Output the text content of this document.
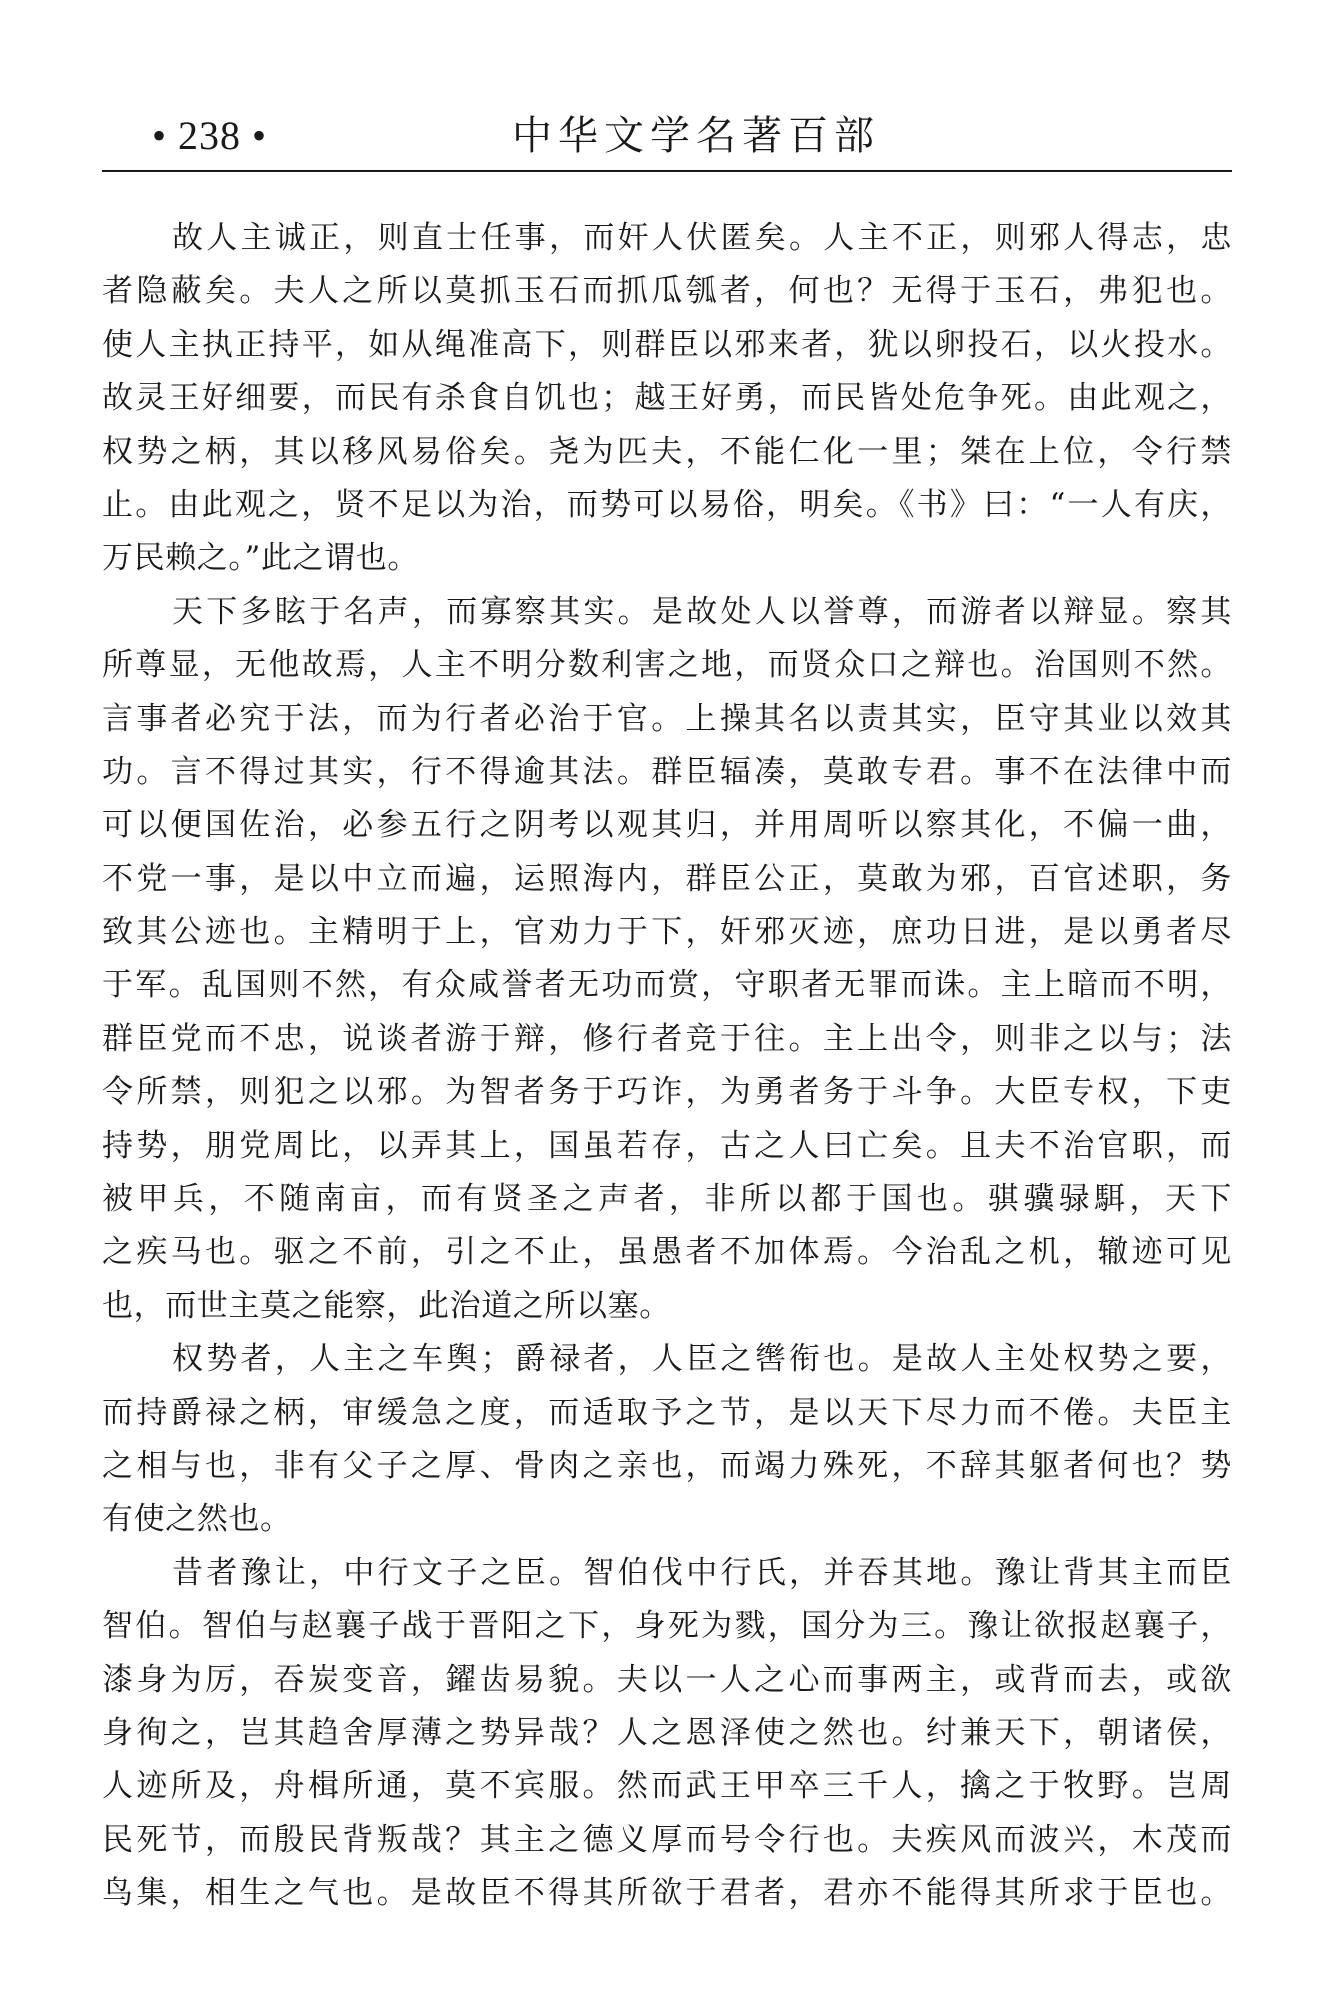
• 238 •	中华文学名著百部
故人主诚正，则直士任事，而奸人伏匿矣。人主不正，则邪人得志，忠
者隐蔽矣。夫人之所以莫抓玉石而抓瓜瓠者，何也？无得于玉石，弗犯也。
使人主执正持平，如从绳准高下，则群臣以邪来者，犹以卵投石，以火投水。
故灵王好细要，而民有杀食自饥也；越王好勇，而民皆处危争死。由此观之，
权势之柄，其以移风易俗矣。尧为匹夫，不能仁化一里；桀在上位，令行禁
止。由此观之，贤不足以为治，而势可以易俗，明矣。《书》曰：“一人有庆，
万民赖之。”此之谓也。
天下多眩于名声，而寡察其实。是故处人以誉尊，而游者以辩显。察其
所尊显，无他故焉，人主不明分数利害之地，而贤众口之辩也。治国则不然。
言事者必究于法，而为行者必治于官。上操其名以责其实，臣守其业以效其
功。言不得过其实，行不得逾其法。群臣辐凑，莫敢专君。事不在法律中而
可以便国佐治，必参五行之阴考以观其归，并用周听以察其化，不偏一曲，
不党一事，是以中立而遍，运照海内，群臣公正，莫敢为邪，百官述职，务
致其公迹也。主精明于上，官劝力于下，奸邪灭迹，庶功日进，是以勇者尽
于军。乱国则不然，有众咸誉者无功而赏，守职者无罪而诛。主上暗而不明，
群臣党而不忠，说谈者游于辩，修行者竞于往。主上出令，则非之以与；法
令所禁，则犯之以邪。为智者务于巧诈，为勇者务于斗争。大臣专权，下吏
持势，朋党周比，以弄其上，国虽若存，古之人曰亡矣。且夫不治官职，而
被甲兵，不随南亩，而有贤圣之声者，非所以都于国也。骐骥𫘧駬，天下
之疾马也。驱之不前，引之不止，虽愚者不加体焉。今治乱之机，辙迹可见
也，而世主莫之能察，此治道之所以塞。
权势者，人主之车舆；爵禄者，人臣之辔衔也。是故人主处权势之要，
而持爵禄之柄，审缓急之度，而适取予之节，是以天下尽力而不倦。夫臣主
之相与也，非有父子之厚、骨肉之亲也，而竭力殊死，不辞其躯者何也？势
有使之然也。
昔者豫让，中行文子之臣。智伯伐中行氏，并吞其地。豫让背其主而臣
智伯。智伯与赵襄子战于晋阳之下，身死为戮，国分为三。豫让欲报赵襄子，
漆身为厉，吞炭变音，鑃齿易貌。夫以一人之心而事两主，或背而去，或欲
身徇之，岂其趋舍厚薄之势异哉？人之恩泽使之然也。纣兼天下，朝诸侯，
人迹所及，舟楫所通，莫不宾服。然而武王甲卒三千人，擒之于牧野。岂周
民死节，而殷民背叛哉？其主之德义厚而号令行也。夫疾风而波兴，木茂而
鸟集，相生之气也。是故臣不得其所欲于君者，君亦不能得其所求于臣也。
